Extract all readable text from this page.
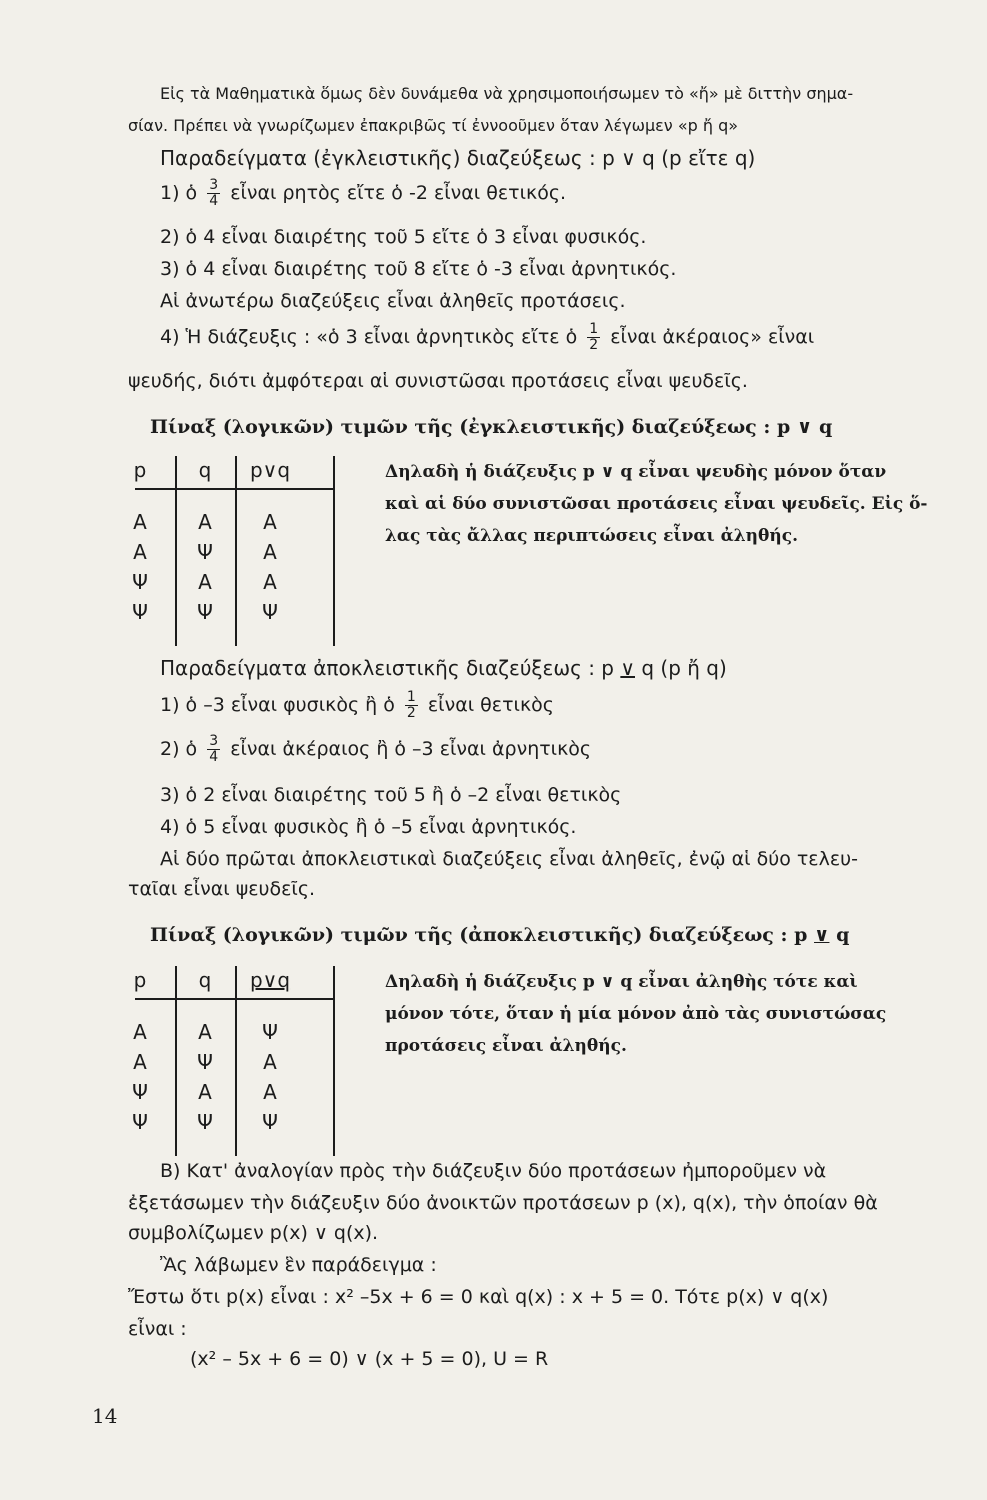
Εἰς τὰ Μαθηματικὰ ὅμως δὲν δυνάμεθα νὰ χρησιμοποιήσωμεν τὸ «ἤ» μὲ διττὴν σημα-
σίαν. Πρέπει νὰ γνωρίζωμεν ἐπακριβῶς τί ἐννοοῦμεν ὅταν λέγωμεν «p ἤ q»
Παραδείγματα (ἐγκλειστικῆς) διαζεύξεως : p ∨ q (p εἴτε q)
1) ὁ $\frac{3}{4}$ εἶναι ρητὸς εἴτε ὁ -2 εἶναι θετικός.
2) ὁ 4 εἶναι διαιρέτης τοῦ 5 εἴτε ὁ 3 εἶναι φυσικός.
3) ὁ 4 εἶναι διαιρέτης τοῦ 8 εἴτε ὁ -3 εἶναι ἀρνητικός.
Αἱ ἀνωτέρω διαζεύξεις εἶναι ἀληθεῖς προτάσεις.
4) Ἡ διάζευξις : «ὁ 3 εἶναι ἀρνητικὸς εἴτε ὁ $\frac{1}{2}$ εἶναι ἀκέραιος» εἶναι
ψευδής, διότι ἀμφότεραι αἱ συνιστῶσαι προτάσεις εἶναι ψευδεῖς.
Πίναξ (λογικῶν) τιμῶν τῆς (ἐγκλειστικῆς) διαζεύξεως : p ∨ q
p	q	p∨q
Α	Α	Α
Α	Ψ	Α
Ψ	Α	Α
Ψ	Ψ	Ψ
Δηλαδὴ ἡ διάζευξις p ∨ q εἶναι ψευδὴς μόνον ὅταν
καὶ αἱ δύο συνιστῶσαι προτάσεις εἶναι ψευδεῖς. Εἰς ὅ-
λας τὰς ἄλλας περιπτώσεις εἶναι ἀληθής.
Παραδείγματα ἀποκλειστικῆς διαζεύξεως : p ∨ q (p ἤ q)
1) ὁ –3 εἶναι φυσικὸς ἢ ὁ $\frac{1}{2}$ εἶναι θετικὸς
2) ὁ $\frac{3}{4}$ εἶναι ἀκέραιος ἢ ὁ –3 εἶναι ἀρνητικὸς
3) ὁ 2 εἶναι διαιρέτης τοῦ 5 ἢ ὁ –2 εἶναι θετικὸς
4) ὁ 5 εἶναι φυσικὸς ἢ ὁ –5 εἶναι ἀρνητικός.
Αἱ δύο πρῶται ἀποκλειστικαὶ διαζεύξεις εἶναι ἀληθεῖς, ἐνῷ αἱ δύο τελευ-
ταῖαι εἶναι ψευδεῖς.
Πίναξ (λογικῶν) τιμῶν τῆς (ἀποκλειστικῆς) διαζεύξεως : p ∨ q
p	q	p∨q
Α	Α	Ψ
Α	Ψ	Α
Ψ	Α	Α
Ψ	Ψ	Ψ
Δηλαδὴ ἡ διάζευξις p ∨ q εἶναι ἀληθὴς τότε καὶ
μόνον τότε, ὅταν ἡ μία μόνον ἀπὸ τὰς συνιστώσας
προτάσεις εἶναι ἀληθής.
Β) Κατ' ἀναλογίαν πρὸς τὴν διάζευξιν δύο προτάσεων ἠμποροῦμεν νὰ
ἐξετάσωμεν τὴν διάζευξιν δύο ἀνοικτῶν προτάσεων p (x), q(x), τὴν ὁποίαν θὰ
συμβολίζωμεν p(x) ∨ q(x).
Ἂς λάβωμεν ἓν παράδειγμα :
Ἔστω ὅτι p(x) εἶναι : x² –5x + 6 = 0 καὶ q(x) : x + 5 = 0. Τότε p(x) ∨ q(x)
εἶναι :
(x² – 5x + 6 = 0) ∨ (x + 5 = 0), U = R
14
